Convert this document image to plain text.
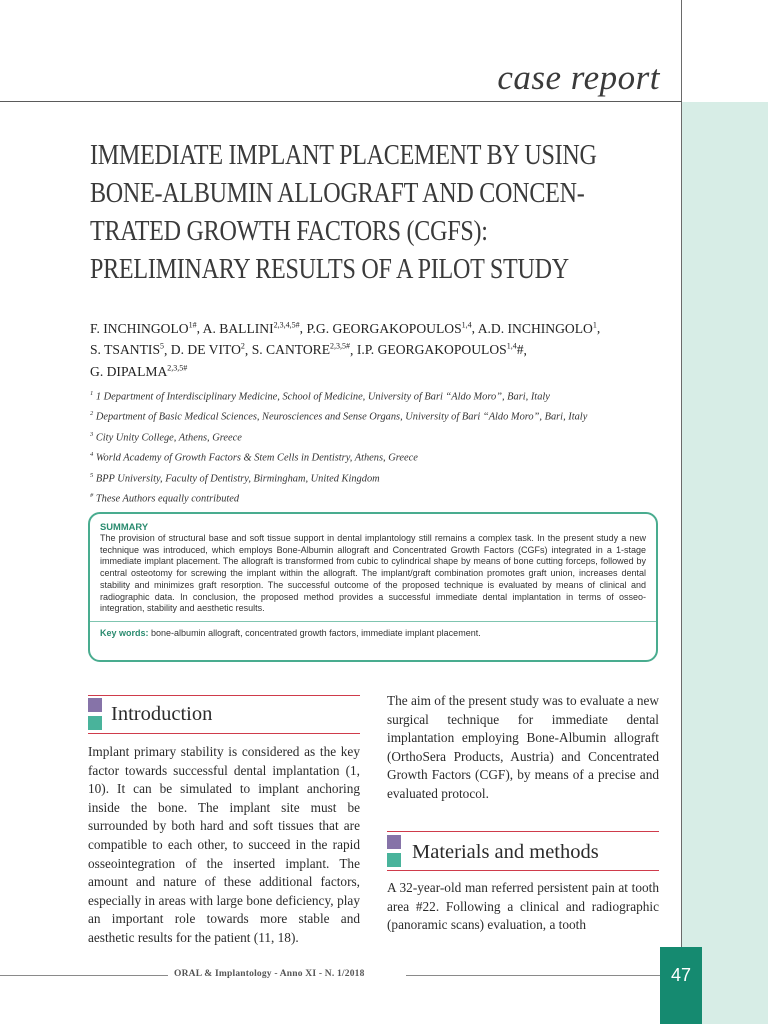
case report
IMMEDIATE IMPLANT PLACEMENT BY USING
BONE-ALBUMIN ALLOGRAFT AND CONCEN-
TRATED GROWTH FACTORS (CGFS):
PRELIMINARY RESULTS OF A PILOT STUDY
F. $INCHINGOLO^{1\#}$, A. $BALLINI^{2,3,4,5\#}$, P.G. GEORGAKOPOULOS$^{1,4}$, A.D. INCHINGOLO$^1$,
S. TSANTIS$^5$, D. DE VITO$^2$, S. $CANTORE^{2,3,5\#}$, I.P. GEORGAKOPOULOS$^{1,4}$#,
G. $DIPALMA^{2,3,5\#}$
$^1$ 1 Department of Interdisciplinary Medicine, School of Medicine, University of Bari “Aldo Moro”, Bari, Italy
$^2$ Department of Basic Medical Sciences, Neurosciences and Sense Organs, University of Bari “Aldo Moro”, Bari, Italy
$^3$ City Unity College, Athens, Greece
$^4$ World Academy of Growth Factors & Stem Cells in Dentistry, Athens, Greece
$^5$ BPP University, Faculty of Dentistry, Birmingham, United Kingdom
# These Authors equally contributed
SUMMARY
The provision of structural base and soft tissue support in dental implantology still remains a complex task. In the present study a new technique was introduced, which employs Bone-Albumin allograft and Concentrated Growth Factors (CGFs) integrated in a 1-stage immediate implant placement. The allograft is transformed from cubic to cylindrical shape by means of bone cutting forceps, followed by central osteotomy for screwing the implant within the allograft. The implant/graft combination promotes graft union, increases dental stability and minimizes graft resorption. The successful outcome of the proposed technique is evaluated by means of clinical and radiographic data. In conclusion, the proposed method provides a successful immediate dental implantation in terms of osseo-integration, stability and aesthetic results.
Key words: bone-albumin allograft, concentrated growth factors, immediate implant placement.
Introduction
Implant primary stability is considered as the key factor towards successful dental implantation (1, 10). It can be simulated to implant anchoring inside the bone. The implant site must be surrounded by both hard and soft tissues that are compatible to each other, to succeed in the rapid osseointegration of the inserted implant. The amount and nature of these additional factors, especially in areas with large bone deficiency, play an important role towards more stable and aesthetic results for the patient (11, 18).
The aim of the present study was to evaluate a new surgical technique for immediate dental implantation employing Bone-Albumin allograft (OrthoSera Products, Austria) and Concentrated Growth Factors (CGF), by means of a precise and evaluated protocol.
Materials and methods
A 32-year-old man referred persistent pain at tooth area #22. Following a clinical and radiographic (panoramic scans) evaluation, a tooth
ORAL & Implantology - Anno XI - N. 1/2018	47
